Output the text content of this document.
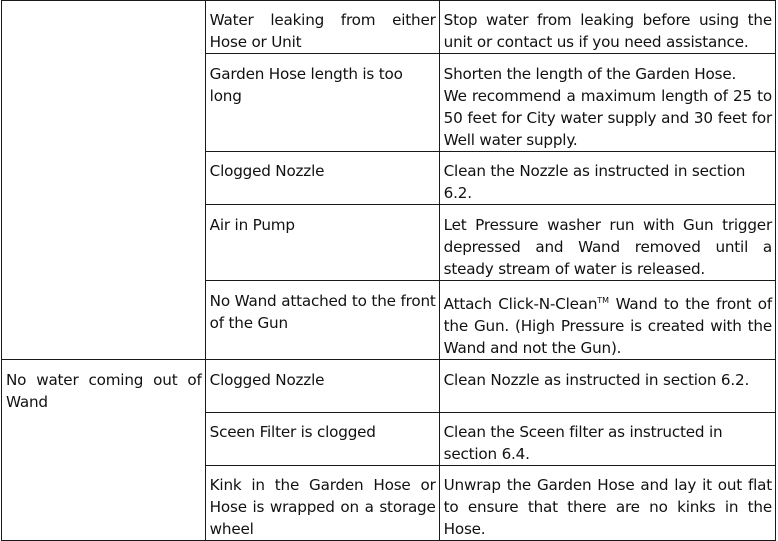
	Water leaking from either Hose or Unit	Stop water from leaking before using the unit or contact us if you need assistance.

	Garden Hose length is too long	Shorten the length of the Garden Hose.
We recommend a maximum length of 25 to 50 feet for City water supply and 30 feet for Well water supply.

	Clogged Nozzle	Clean the Nozzle as instructed in section 6.2.

	Air in Pump	Let Pressure washer run with Gun trigger depressed and Wand removed until a steady stream of water is released.

	No Wand attached to the front of the Gun	Attach Click-N-Clean™ Wand to the front of the Gun. (High Pressure is created with the Wand and not the Gun).

No water coming out of Wand	Clogged Nozzle	Clean Nozzle as instructed in section 6.2.

	Sceen Filter is clogged	Clean the Sceen filter as instructed in section 6.4.

	Kink in the Garden Hose or Hose is wrapped on a storage wheel	Unwrap the Garden Hose and lay it out flat to ensure that there are no kinks in the Hose.
